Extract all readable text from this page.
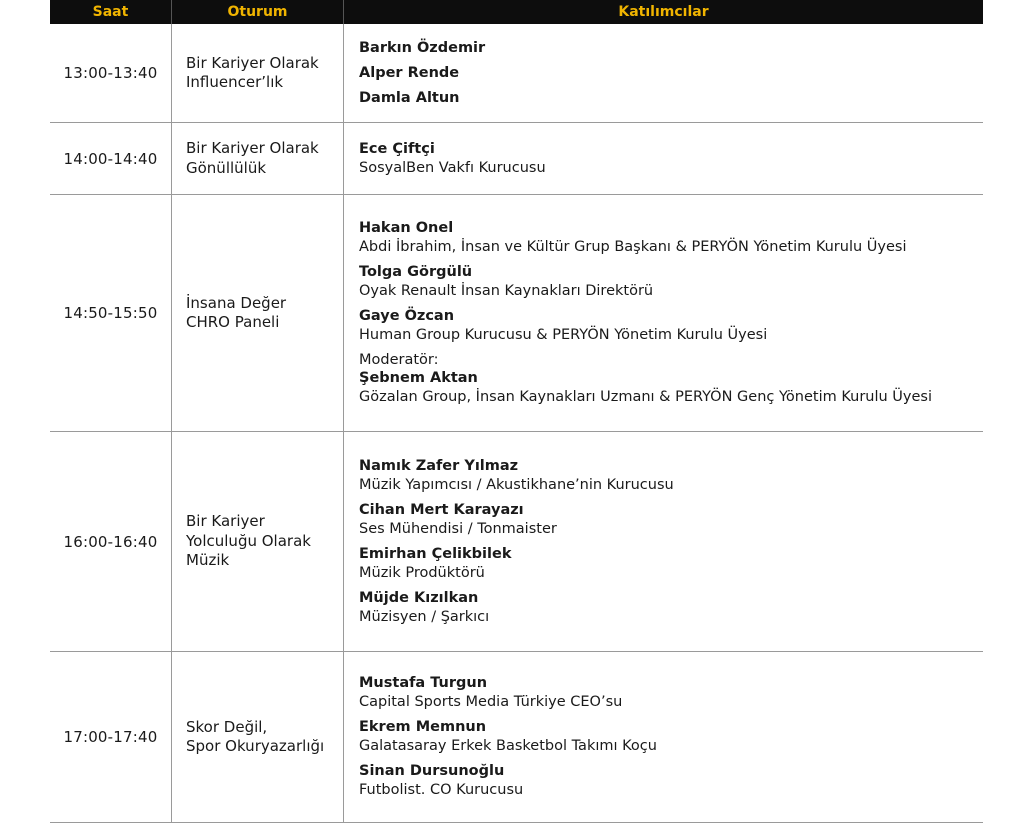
Saat	Oturum	Katılımcılar
13:00-13:40
Bir Kariyer Olarak
Influencer’lık
Barkın Özdemir
Alper Rende
Damla Altun
14:00-14:40
Bir Kariyer Olarak
Gönüllülük
Ece Çiftçi
SosyalBen Vakfı Kurucusu
14:50-15:50
İnsana Değer
CHRO Paneli
Hakan Onel
Abdi İbrahim, İnsan ve Kültür Grup Başkanı & PERYÖN Yönetim Kurulu Üyesi
Tolga Görgülü
Oyak Renault İnsan Kaynakları Direktörü
Gaye Özcan
Human Group Kurucusu & PERYÖN Yönetim Kurulu Üyesi
Moderatör:
Şebnem Aktan
Gözalan Group, İnsan Kaynakları Uzmanı & PERYÖN Genç Yönetim Kurulu Üyesi
16:00-16:40
Bir Kariyer
Yolculuğu Olarak
Müzik
Namık Zafer Yılmaz
Müzik Yapımcısı / Akustikhane’nin Kurucusu
Cihan Mert Karayazı
Ses Mühendisi / Tonmaister
Emirhan Çelikbilek
Müzik Prodüktörü
Müjde Kızılkan
Müzisyen / Şarkıcı
17:00-17:40
Skor Değil,
Spor Okuryazarlığı
Mustafa Turgun
Capital Sports Media Türkiye CEO’su
Ekrem Memnun
Galatasaray Erkek Basketbol Takımı Koçu
Sinan Dursunoğlu
Futbolist. CO Kurucusu
